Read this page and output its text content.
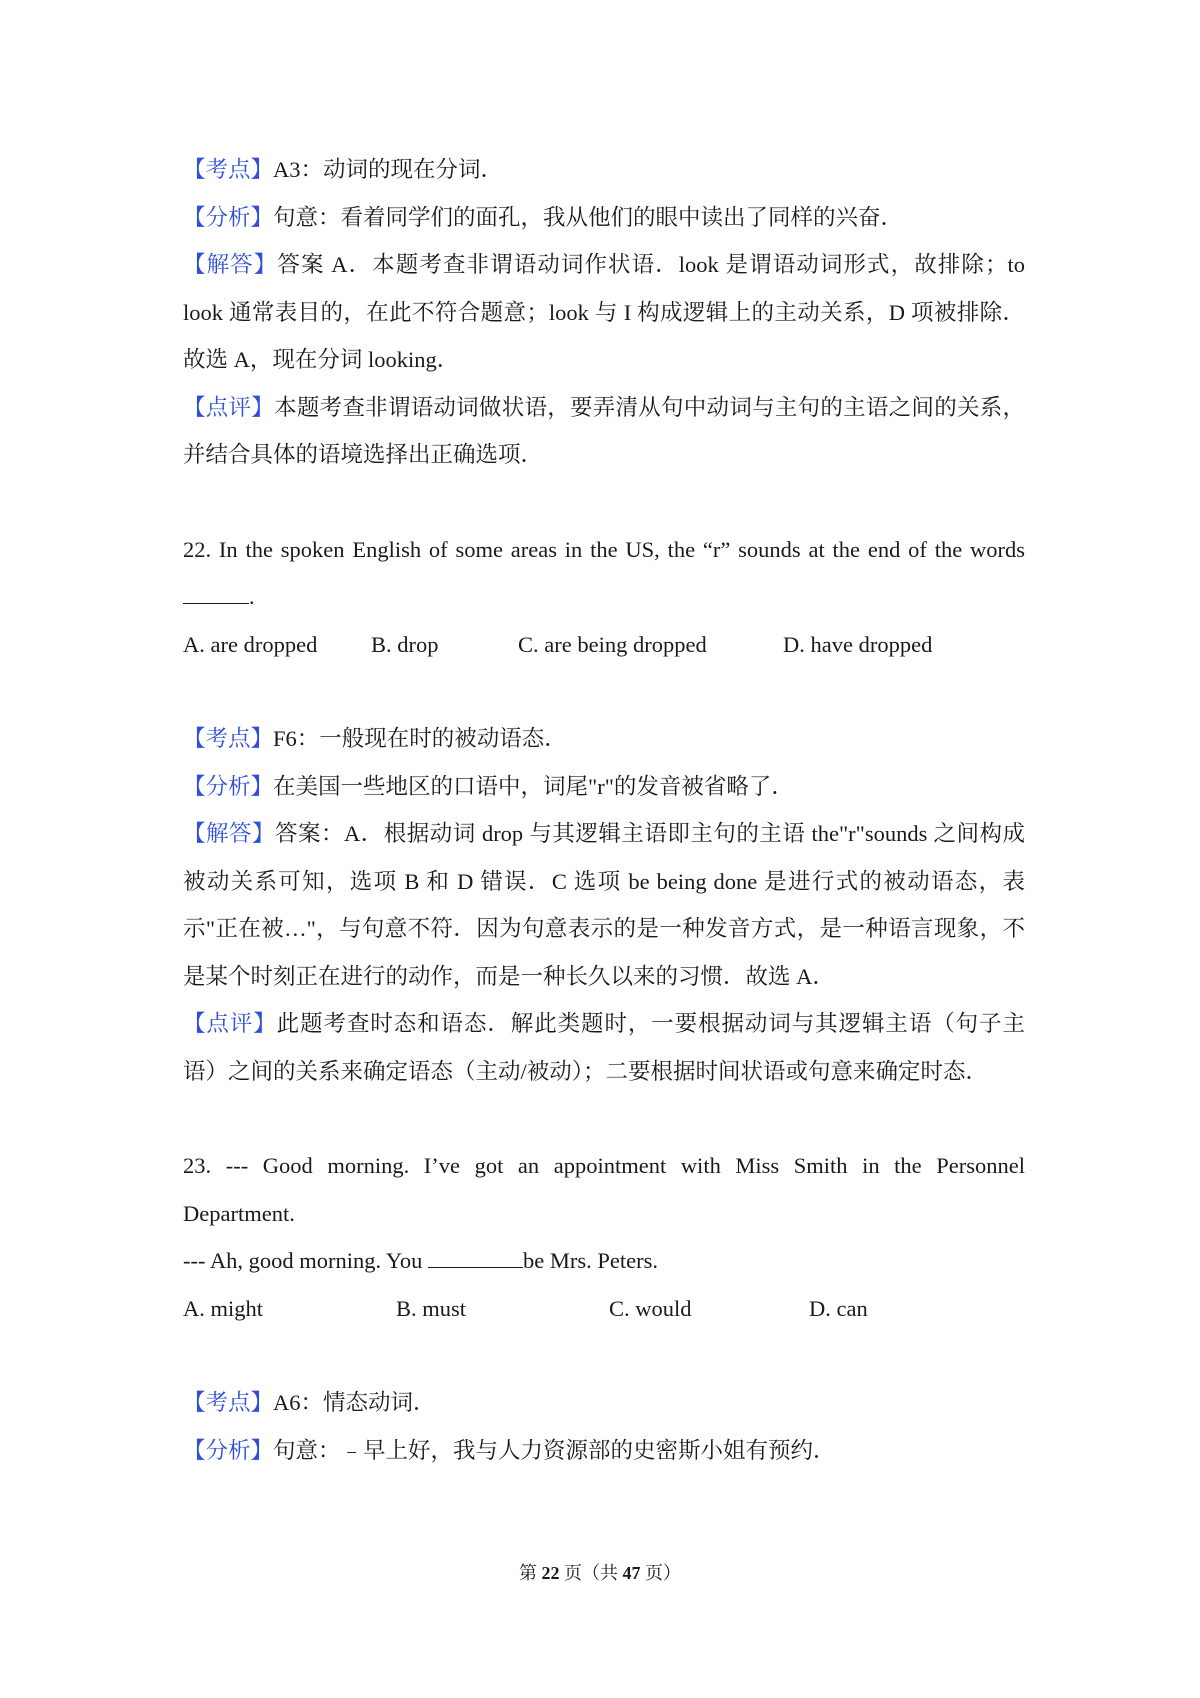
【考点】A3：动词的现在分词．

【分析】句意：看着同学们的面孔，我从他们的眼中读出了同样的兴奋．

【解答】答案 A．本题考查非谓语动词作状语．look 是谓语动词形式，故排除；to look 通常表目的，在此不符合题意；look 与 I 构成逻辑上的主动关系，D 项被排除．故选 A，现在分词 looking．

【点评】本题考查非谓语动词做状语，要弄清从句中动词与主句的主语之间的关系，并结合具体的语境选择出正确选项．

22. In the spoken English of some areas in the US, the “r” sounds at the end of the words.

A. are dropped	B. drop	C. are being dropped	D. have dropped

【考点】F6：一般现在时的被动语态．

【分析】在美国一些地区的口语中，词尾"r"的发音被省略了．

【解答】答案：A．根据动词 drop 与其逻辑主语即主句的主语 the"r"sounds 之间构成被动关系可知，选项 B 和 D 错误．C 选项 be being done 是进行式的被动语态，表示"正在被…"，与句意不符．因为句意表示的是一种发音方式，是一种语言现象，不是某个时刻正在进行的动作，而是一种长久以来的习惯．故选 A．

【点评】此题考查时态和语态．解此类题时，一要根据动词与其逻辑主语（句子主语）之间的关系来确定语态（主动/被动）；二要根据时间状语或句意来确定时态．

23. --- Good morning. I’ve got an appointment with Miss Smith in the Personnel Department.

--- Ah, good morning. You	be Mrs. Peters.

A. might	B. must	C. would	D. can

【考点】A6：情态动词．

【分析】句意：﹣早上好，我与人力资源部的史密斯小姐有预约．

第 22 页（共 47 页）
